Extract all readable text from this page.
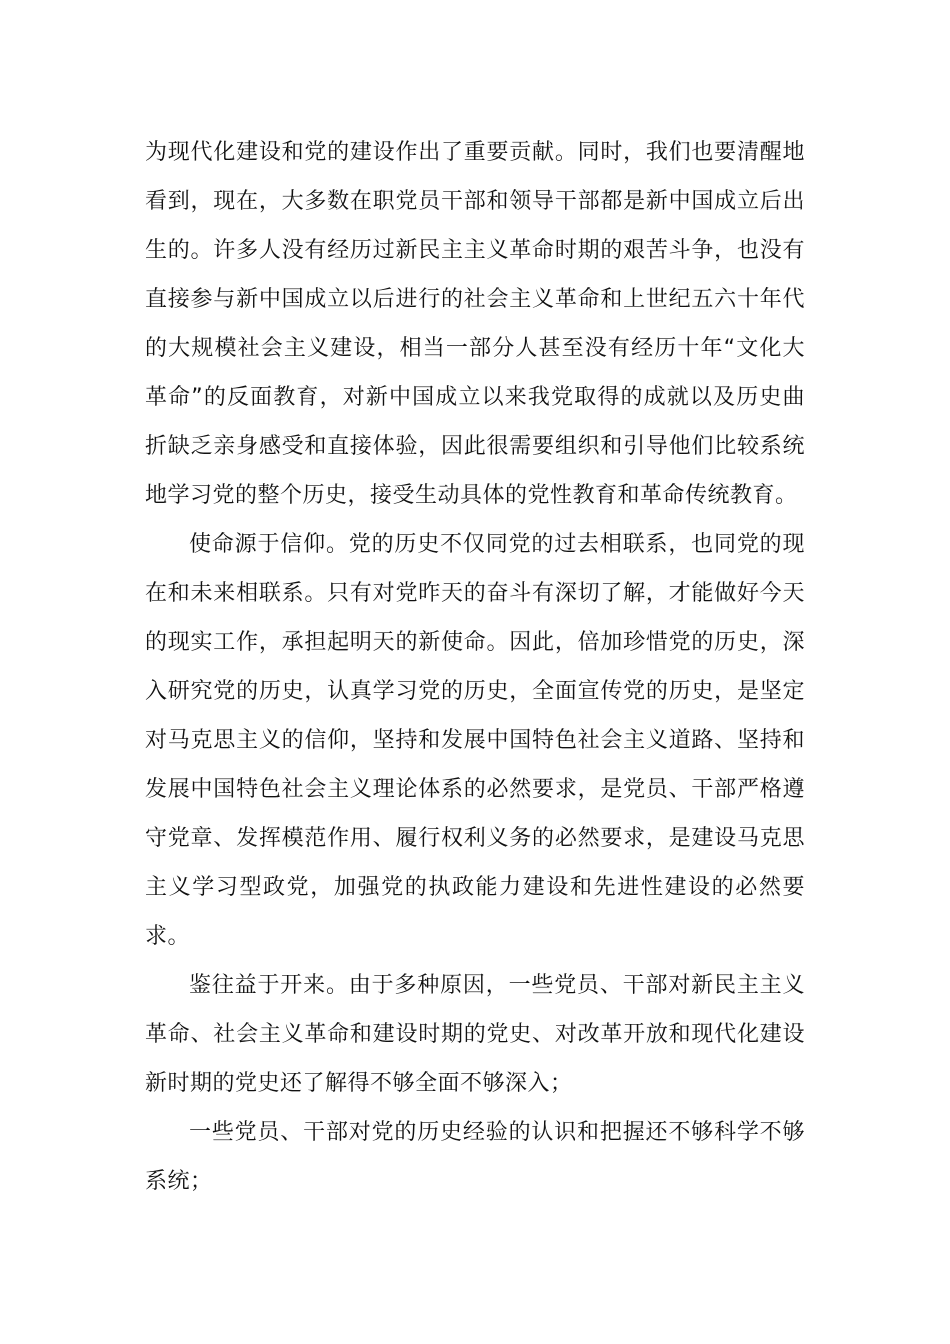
为现代化建设和党的建设作出了重要贡献。同时，我们也要清醒地看到，现在，大多数在职党员干部和领导干部都是新中国成立后出生的。许多人没有经历过新民主主义革命时期的艰苦斗争，也没有直接参与新中国成立以后进行的社会主义革命和上世纪五六十年代的大规模社会主义建设，相当一部分人甚至没有经历十年“文化大革命”的反面教育，对新中国成立以来我党取得的成就以及历史曲折缺乏亲身感受和直接体验，因此很需要组织和引导他们比较系统地学习党的整个历史，接受生动具体的党性教育和革命传统教育。

使命源于信仰。党的历史不仅同党的过去相联系，也同党的现在和未来相联系。只有对党昨天的奋斗有深切了解，才能做好今天的现实工作，承担起明天的新使命。因此，倍加珍惜党的历史，深入研究党的历史，认真学习党的历史，全面宣传党的历史，是坚定对马克思主义的信仰，坚持和发展中国特色社会主义道路、坚持和发展中国特色社会主义理论体系的必然要求，是党员、干部严格遵守党章、发挥模范作用、履行权利义务的必然要求，是建设马克思主义学习型政党，加强党的执政能力建设和先进性建设的必然要求。

鉴往益于开来。由于多种原因，一些党员、干部对新民主主义革命、社会主义革命和建设时期的党史、对改革开放和现代化建设新时期的党史还了解得不够全面不够深入；

一些党员、干部对党的历史经验的认识和把握还不够科学不够系统；
